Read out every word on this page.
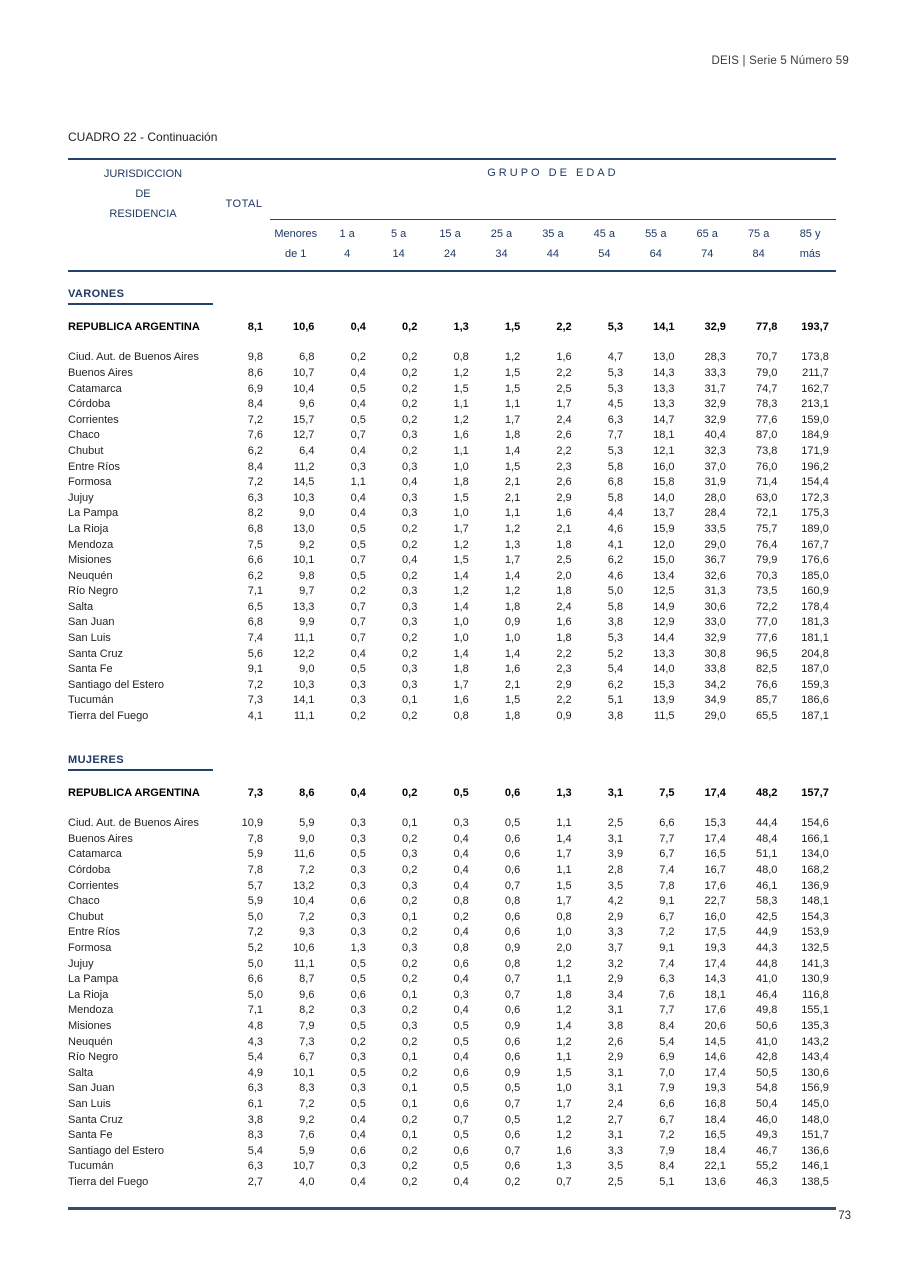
DEIS | Serie 5 Número 59
CUADRO 22 - Continuación
JURISDICCION
DE
RESIDENCIA
TOTAL
GRUPO DE EDAD
Menores	1 a	5 a	15 a	25 a	35 a	45 a	55 a	65 a	75 a	85 y
de 1	4	14	24	34	44	54	64	74	84	más
VARONES
REPUBLICA ARGENTINA	8,1	10,6	0,4	0,2	1,3	1,5	2,2	5,3	14,1	32,9	77,8	193,7
Ciud. Aut. de Buenos Aires	9,8	6,8	0,2	0,2	0,8	1,2	1,6	4,7	13,0	28,3	70,7	173,8
Buenos Aires	8,6	10,7	0,4	0,2	1,2	1,5	2,2	5,3	14,3	33,3	79,0	211,7
Catamarca	6,9	10,4	0,5	0,2	1,5	1,5	2,5	5,3	13,3	31,7	74,7	162,7
Córdoba	8,4	9,6	0,4	0,2	1,1	1,1	1,7	4,5	13,3	32,9	78,3	213,1
Corrientes	7,2	15,7	0,5	0,2	1,2	1,7	2,4	6,3	14,7	32,9	77,6	159,0
Chaco	7,6	12,7	0,7	0,3	1,6	1,8	2,6	7,7	18,1	40,4	87,0	184,9
Chubut	6,2	6,4	0,4	0,2	1,1	1,4	2,2	5,3	12,1	32,3	73,8	171,9
Entre Ríos	8,4	11,2	0,3	0,3	1,0	1,5	2,3	5,8	16,0	37,0	76,0	196,2
Formosa	7,2	14,5	1,1	0,4	1,8	2,1	2,6	6,8	15,8	31,9	71,4	154,4
Jujuy	6,3	10,3	0,4	0,3	1,5	2,1	2,9	5,8	14,0	28,0	63,0	172,3
La Pampa	8,2	9,0	0,4	0,3	1,0	1,1	1,6	4,4	13,7	28,4	72,1	175,3
La Rioja	6,8	13,0	0,5	0,2	1,7	1,2	2,1	4,6	15,9	33,5	75,7	189,0
Mendoza	7,5	9,2	0,5	0,2	1,2	1,3	1,8	4,1	12,0	29,0	76,4	167,7
Misiones	6,6	10,1	0,7	0,4	1,5	1,7	2,5	6,2	15,0	36,7	79,9	176,6
Neuquén	6,2	9,8	0,5	0,2	1,4	1,4	2,0	4,6	13,4	32,6	70,3	185,0
Río Negro	7,1	9,7	0,2	0,3	1,2	1,2	1,8	5,0	12,5	31,3	73,5	160,9
Salta	6,5	13,3	0,7	0,3	1,4	1,8	2,4	5,8	14,9	30,6	72,2	178,4
San Juan	6,8	9,9	0,7	0,3	1,0	0,9	1,6	3,8	12,9	33,0	77,0	181,3
San Luis	7,4	11,1	0,7	0,2	1,0	1,0	1,8	5,3	14,4	32,9	77,6	181,1
Santa Cruz	5,6	12,2	0,4	0,2	1,4	1,4	2,2	5,2	13,3	30,8	96,5	204,8
Santa Fe	9,1	9,0	0,5	0,3	1,8	1,6	2,3	5,4	14,0	33,8	82,5	187,0
Santiago del Estero	7,2	10,3	0,3	0,3	1,7	2,1	2,9	6,2	15,3	34,2	76,6	159,3
Tucumán	7,3	14,1	0,3	0,1	1,6	1,5	2,2	5,1	13,9	34,9	85,7	186,6
Tierra del Fuego	4,1	11,1	0,2	0,2	0,8	1,8	0,9	3,8	11,5	29,0	65,5	187,1
MUJERES
REPUBLICA ARGENTINA	7,3	8,6	0,4	0,2	0,5	0,6	1,3	3,1	7,5	17,4	48,2	157,7
Ciud. Aut. de Buenos Aires	10,9	5,9	0,3	0,1	0,3	0,5	1,1	2,5	6,6	15,3	44,4	154,6
Buenos Aires	7,8	9,0	0,3	0,2	0,4	0,6	1,4	3,1	7,7	17,4	48,4	166,1
Catamarca	5,9	11,6	0,5	0,3	0,4	0,6	1,7	3,9	6,7	16,5	51,1	134,0
Córdoba	7,8	7,2	0,3	0,2	0,4	0,6	1,1	2,8	7,4	16,7	48,0	168,2
Corrientes	5,7	13,2	0,3	0,3	0,4	0,7	1,5	3,5	7,8	17,6	46,1	136,9
Chaco	5,9	10,4	0,6	0,2	0,8	0,8	1,7	4,2	9,1	22,7	58,3	148,1
Chubut	5,0	7,2	0,3	0,1	0,2	0,6	0,8	2,9	6,7	16,0	42,5	154,3
Entre Ríos	7,2	9,3	0,3	0,2	0,4	0,6	1,0	3,3	7,2	17,5	44,9	153,9
Formosa	5,2	10,6	1,3	0,3	0,8	0,9	2,0	3,7	9,1	19,3	44,3	132,5
Jujuy	5,0	11,1	0,5	0,2	0,6	0,8	1,2	3,2	7,4	17,4	44,8	141,3
La Pampa	6,6	8,7	0,5	0,2	0,4	0,7	1,1	2,9	6,3	14,3	41,0	130,9
La Rioja	5,0	9,6	0,6	0,1	0,3	0,7	1,8	3,4	7,6	18,1	46,4	116,8
Mendoza	7,1	8,2	0,3	0,2	0,4	0,6	1,2	3,1	7,7	17,6	49,8	155,1
Misiones	4,8	7,9	0,5	0,3	0,5	0,9	1,4	3,8	8,4	20,6	50,6	135,3
Neuquén	4,3	7,3	0,2	0,2	0,5	0,6	1,2	2,6	5,4	14,5	41,0	143,2
Río Negro	5,4	6,7	0,3	0,1	0,4	0,6	1,1	2,9	6,9	14,6	42,8	143,4
Salta	4,9	10,1	0,5	0,2	0,6	0,9	1,5	3,1	7,0	17,4	50,5	130,6
San Juan	6,3	8,3	0,3	0,1	0,5	0,5	1,0	3,1	7,9	19,3	54,8	156,9
San Luis	6,1	7,2	0,5	0,1	0,6	0,7	1,7	2,4	6,6	16,8	50,4	145,0
Santa Cruz	3,8	9,2	0,4	0,2	0,7	0,5	1,2	2,7	6,7	18,4	46,0	148,0
Santa Fe	8,3	7,6	0,4	0,1	0,5	0,6	1,2	3,1	7,2	16,5	49,3	151,7
Santiago del Estero	5,4	5,9	0,6	0,2	0,6	0,7	1,6	3,3	7,9	18,4	46,7	136,6
Tucumán	6,3	10,7	0,3	0,2	0,5	0,6	1,3	3,5	8,4	22,1	55,2	146,1
Tierra del Fuego	2,7	4,0	0,4	0,2	0,4	0,2	0,7	2,5	5,1	13,6	46,3	138,5
73
